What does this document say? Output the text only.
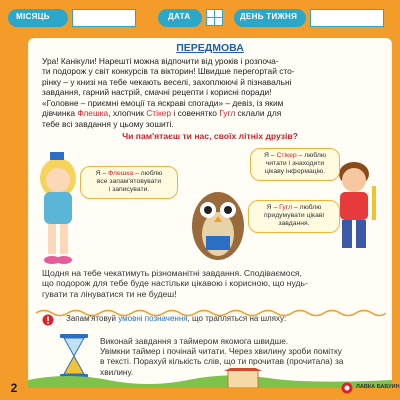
МІСЯЦЬ	ДАТА	ДЕНЬ ТИЖНЯ
ПЕРЕДМОВА
Ура! Канікули! Нарешті можна відпочити від уроків і розпоча-
ти подорож у світ конкурсів та вікторин! Швидше перегортай сто-
рінку – у книзі на тебе чекають веселі, захоплюючі й пізнавальні
завдання, гарний настрій, смачні рецепти і корисні поради!
«Головне – приємні емоції та яскраві спогади» – девіз, із яким
дівчинка Флешка, хлопчик Стікер і совенятко Гугл склали для
тебе всі завдання у цьому зошиті.
Чи пам'ятаєш ти нас, своїх літніх друзів?
Я – Флешка – люблю
все запам'ятовувати
і записувати.
Я – Стікер – люблю
читати і знаходити
цікаву інформацію.
Я – Гугл – люблю
придумувати цікаві
завдання.
Щодня на тебе чекатимуть різноманітні завдання. Сподіваємося,
що подорож для тебе буде настільки цікавою і корисною, що нудь-
гувати та лінуватися ти не будеш!
Запам'ятовуй умовні позначення, що трапляться на шляху:
Виконай завдання з таймером якомога швидше.
Увімкни таймер і почінай читати. Через хвилину зроби помітку
в тексті. Порахуй кількість слів, що ти прочитав (прочитала) за
хвилину.
2	ЛАВКА БАБУИН
